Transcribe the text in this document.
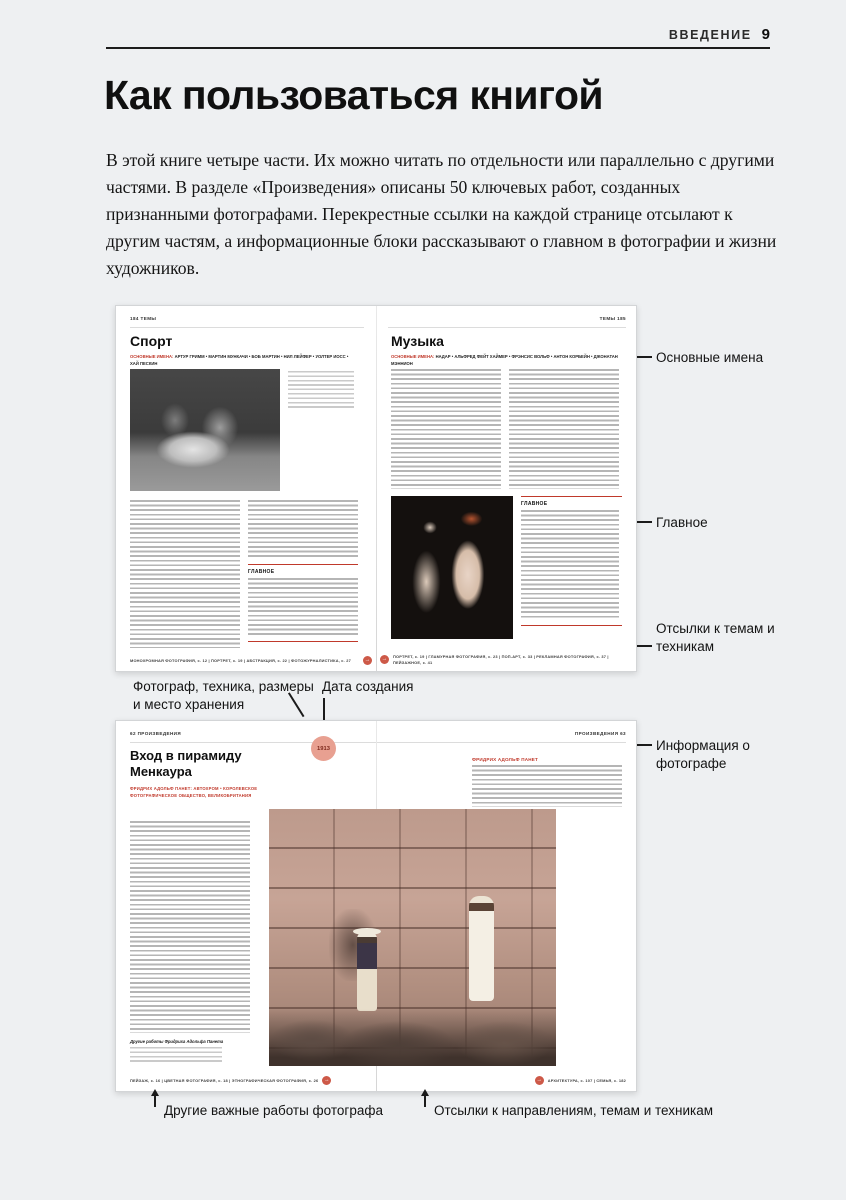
ВВЕДЕНИЕ 9
Как пользоваться книгой

В этой книге четыре части. Их можно читать по отдельности или параллельно с другими частями. В разделе «Произведения» описаны 50 ключевых работ, созданных признанными фотографами. Перекрестные ссылки на каждой странице отсылают к другим частям, а информационные блоки рассказывают о главном в фотографии и жизни художников.

184 ТЕМЫ
Спорт
ОСНОВНЫЕ ИМЕНА: АРТУР ГРИММ • МАРТИН МУНКАЧИ • БОБ МАРТИН • НИЛ ЛЕЙФЕР • УОЛТЕР ИОСС • ХАЙ ПЕСКИН

ГЛАВНОЕ

МОНОХРОМНАЯ ФОТОГРАФИЯ, с. 12 | ПОРТРЕТ, с. 19 | АБСТРАКЦИЯ, с. 22 | ФОТОЖУРНАЛИСТИКА, с. 27	→
ТЕМЫ 185
Музыка
ОСНОВНЫЕ ИМЕНА: НАДАР • АЛЬФРЕД ФЕЙТ ХАЙМЕР • ФРЭНСИС ВОЛЬФ • АНТОН КОРБЕЙН • ДЖОНАТАН МЭННИОН

ГЛАВНОЕ

→	ПОРТРЕТ, с. 19 | ГЛАМУРНАЯ ФОТОГРАФИЯ, с. 23 | ПОП-АРТ, с. 33 | РЕКЛАМНАЯ ФОТОГРАФИЯ, с. 37 | ПЕЙЗАЖНОЕ, с. 41
Основные имена
Главное
Отсылки к темам и техникам
Фотограф, техника, размеры и место хранения
Дата создания
Информация о фотографе
62 ПРОИЗВЕДЕНИЯ	ПРОИЗВЕДЕНИЯ 63
Вход в пирамиду Менкаура
ФРИДРИХ АДОЛЬФ ПАНЕТ: АВТОХРОМ • КОРОЛЕВСКОЕ ФОТОГРАФИЧЕСКОЕ ОБЩЕСТВО, ВЕЛИКОБРИТАНИЯ
1913

ФРИДРИХ АДОЛЬФ ПАНЕТ

Другие работы Фридриха Адольфа Панета

ПЕЙЗАЖ, с. 16 | ЦВЕТНАЯ ФОТОГРАФИЯ, с. 18 | ЭТНОГРАФИЧЕСКАЯ ФОТОГРАФИЯ, с. 26	→	→	АРХИТЕКТУРА, с. 107 | СЕМЬЯ, с. 182
Другие важные работы фотографа	Отсылки к направлениям, темам и техникам
